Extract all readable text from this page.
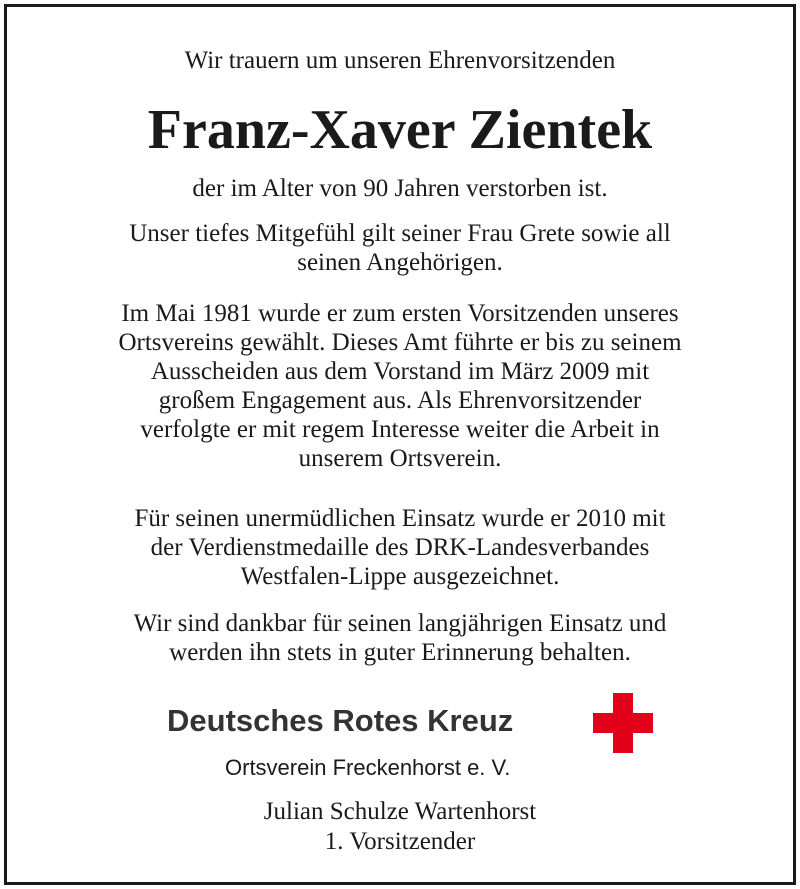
Wir trauern um unseren Ehrenvorsitzenden
Franz-Xaver Zientek
der im Alter von 90 Jahren verstorben ist.
Unser tiefes Mitgefühl gilt seiner Frau Grete sowie all
seinen Angehörigen.
Im Mai 1981 wurde er zum ersten Vorsitzenden unseres
Ortsvereins gewählt. Dieses Amt führte er bis zu seinem
Ausscheiden aus dem Vorstand im März 2009 mit
großem Engagement aus. Als Ehrenvorsitzender
verfolgte er mit regem Interesse weiter die Arbeit in
unserem Ortsverein.
Für seinen unermüdlichen Einsatz wurde er 2010 mit
der Verdienstmedaille des DRK-Landesverbandes
Westfalen-Lippe ausgezeichnet.
Wir sind dankbar für seinen langjährigen Einsatz und
werden ihn stets in guter Erinnerung behalten.
Deutsches Rotes Kreuz
Ortsverein Freckenhorst e. V.
Julian Schulze Wartenhorst
1. Vorsitzender
